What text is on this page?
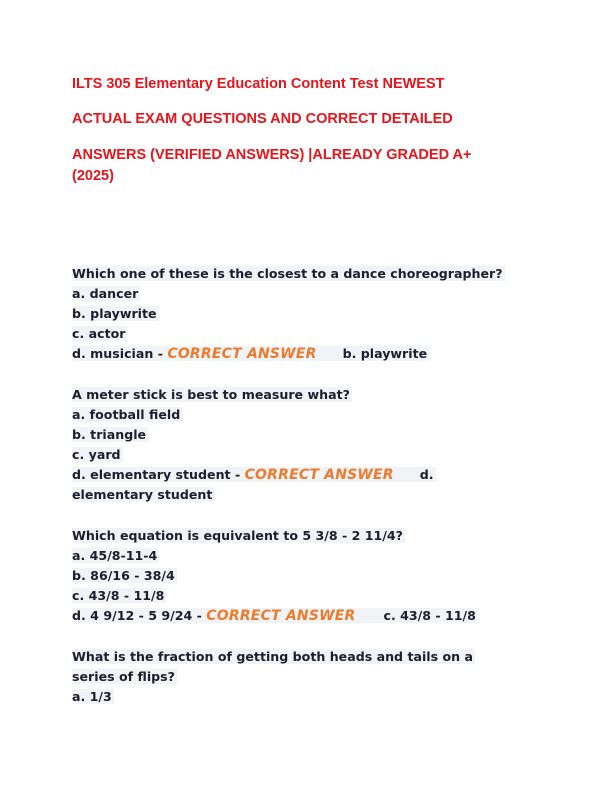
ILTS 305 Elementary Education Content Test NEWEST
ACTUAL EXAM QUESTIONS AND CORRECT DETAILED
ANSWERS (VERIFIED ANSWERS) |ALREADY GRADED A+
(2025)
Which one of these is the closest to a dance choreographer?
a. dancer
b. playwrite
c. actor
d. musician - CORRECT ANSWER b. playwrite
A meter stick is best to measure what?
a. football field
b. triangle
c. yard
d. elementary student - CORRECT ANSWER d.
elementary student
Which equation is equivalent to 5 3/8 - 2 11/4?
a. 45/8-11-4
b. 86/16 - 38/4
c. 43/8 - 11/8
d. 4 9/12 - 5 9/24 - CORRECT ANSWER c. 43/8 - 11/8
What is the fraction of getting both heads and tails on a
series of flips?
a. 1/3
